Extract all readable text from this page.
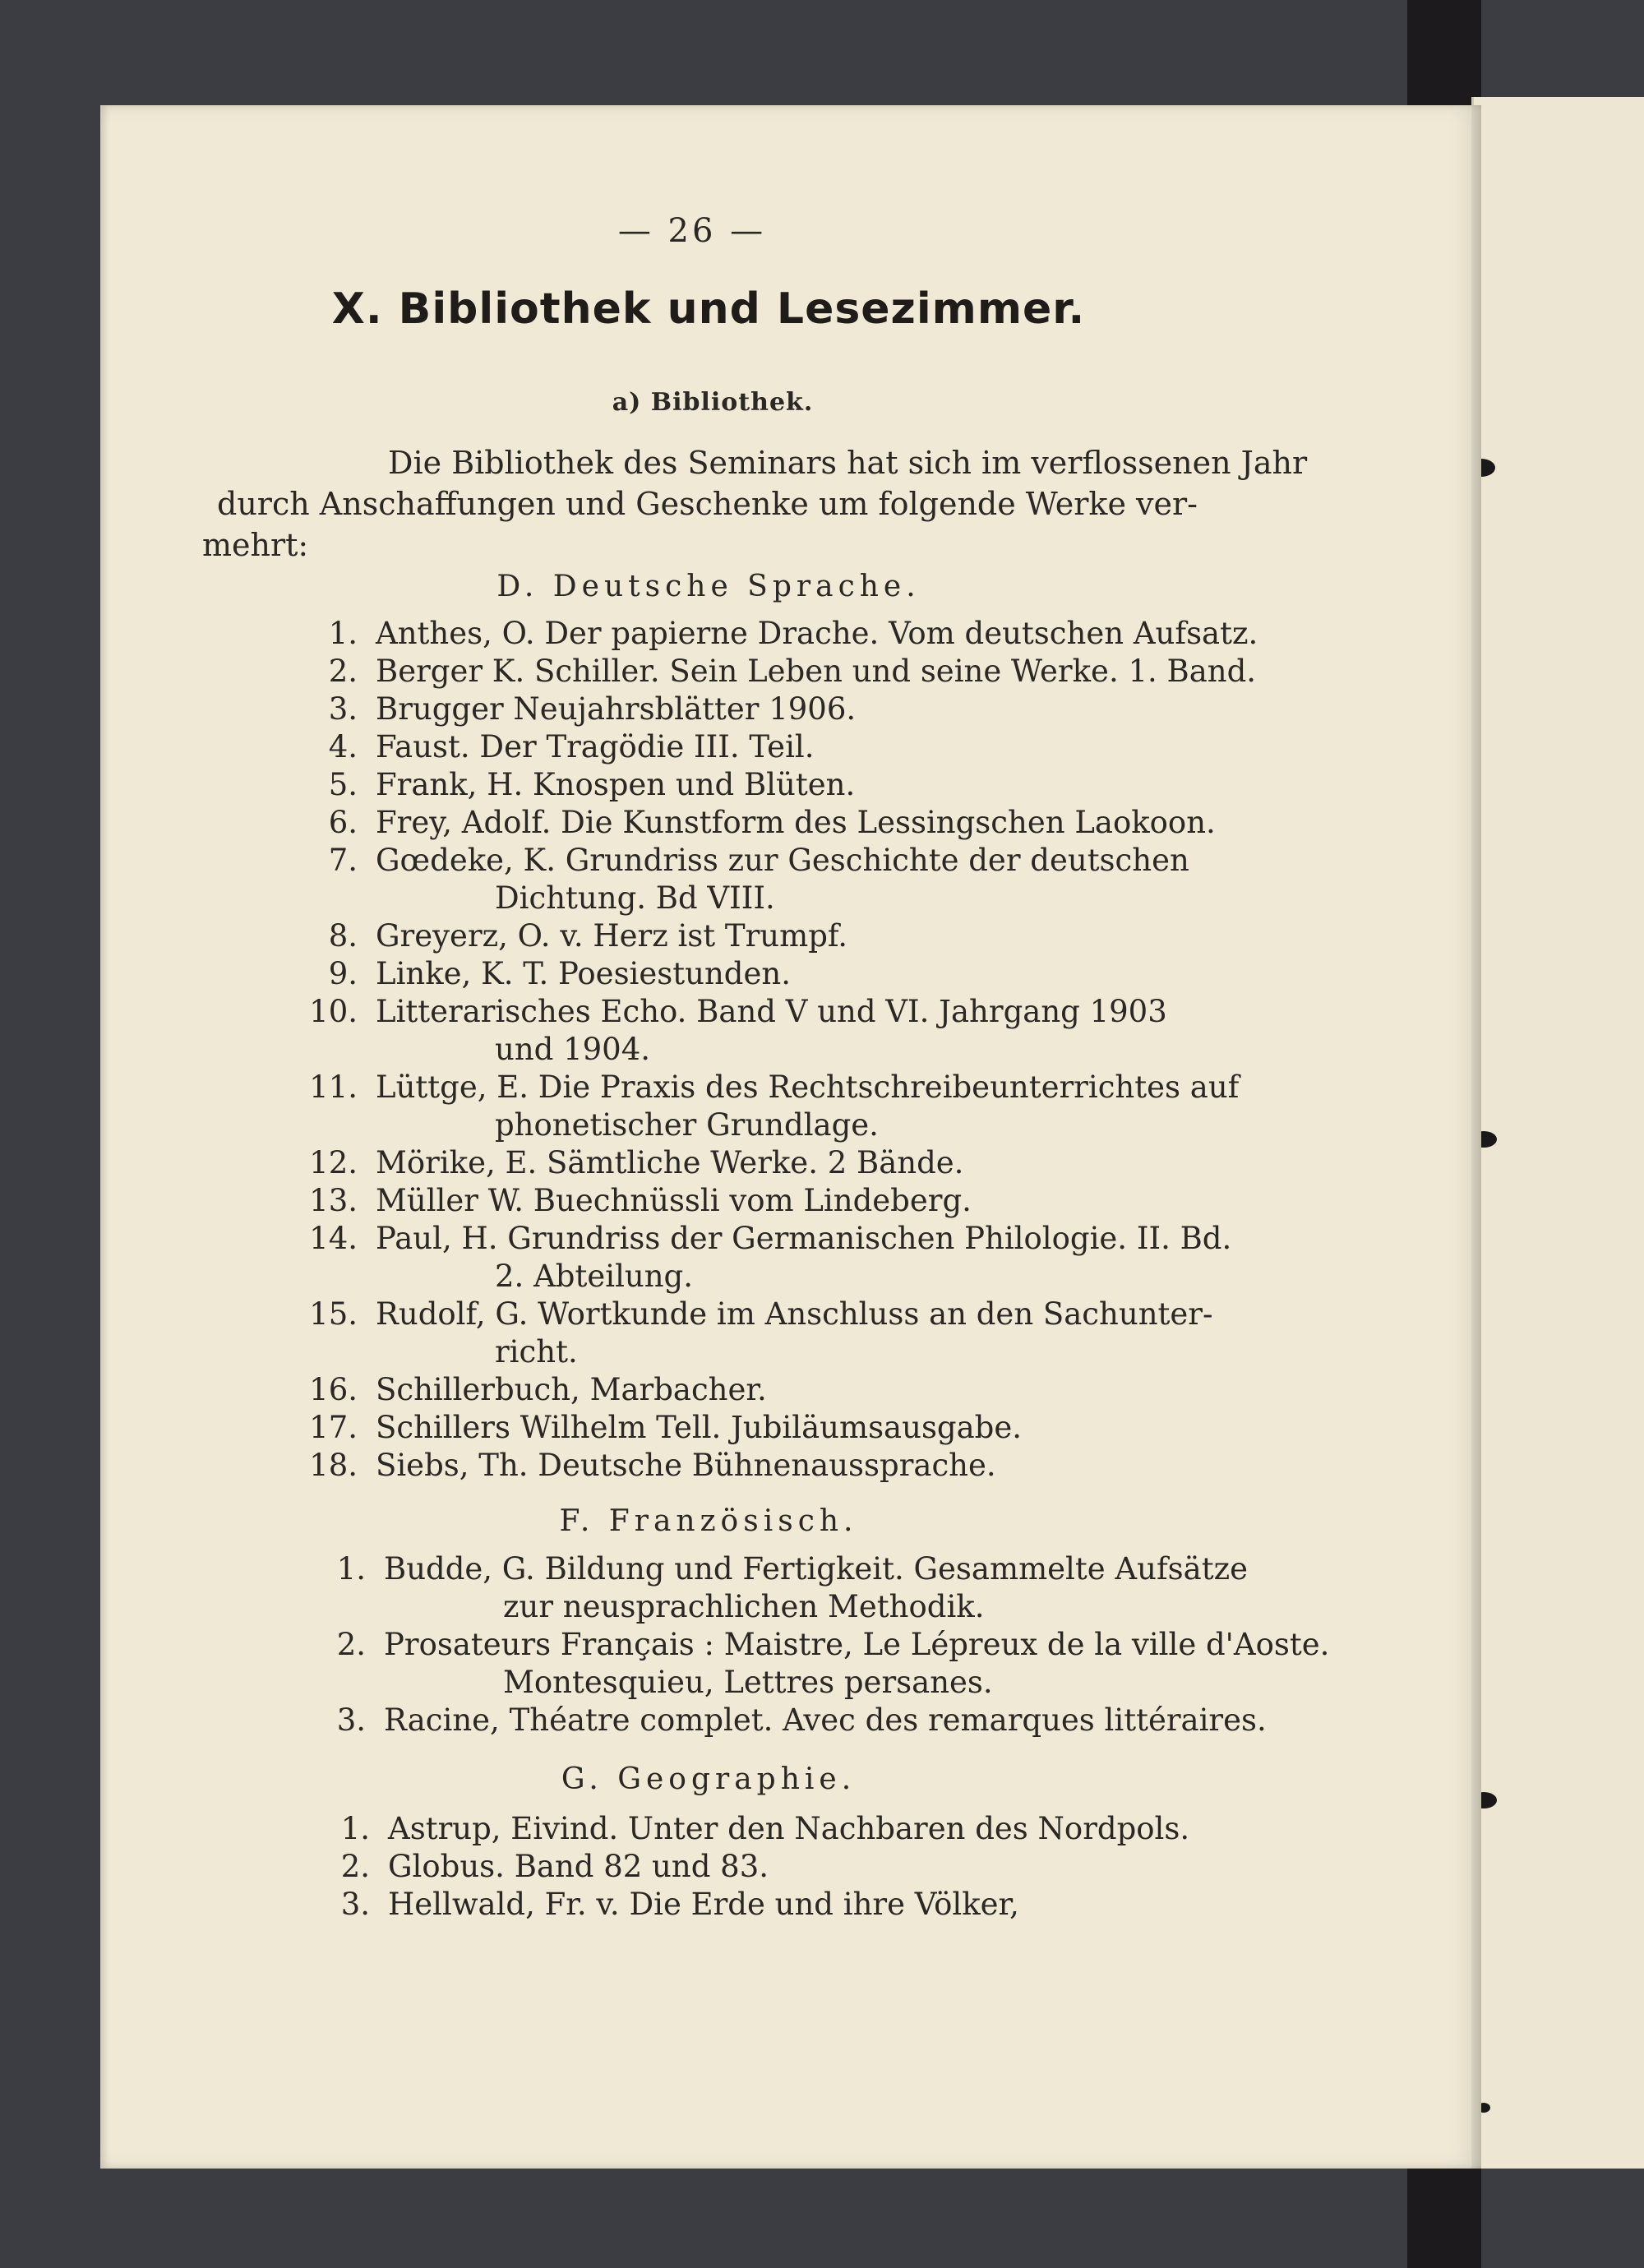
— 26 —
X. Bibliothek und Lesezimmer.
a) Bibliothek.
Die Bibliothek des Seminars hat sich im verflossenen Jahr
durch Anschaffungen und Geschenke um folgende Werke ver-
mehrt:
D. Deutsche Sprache.
1. Anthes, O. Der papierne Drache. Vom deutschen Aufsatz.
2. Berger K. Schiller. Sein Leben und seine Werke. 1. Band.
3. Brugger Neujahrsblätter 1906.
4. Faust. Der Tragödie III. Teil.
5. Frank, H. Knospen und Blüten.
6. Frey, Adolf. Die Kunstform des Lessingschen Laokoon.
7. Gœdeke, K. Grundriss zur Geschichte der deutschen
Dichtung. Bd VIII.
8. Greyerz, O. v. Herz ist Trumpf.
9. Linke, K. T. Poesiestunden.
10. Litterarisches Echo. Band V und VI. Jahrgang 1903
und 1904.
11. Lüttge, E. Die Praxis des Rechtschreibeunterrichtes auf
phonetischer Grundlage.
12. Mörike, E. Sämtliche Werke. 2 Bände.
13. Müller W. Buechnüssli vom Lindeberg.
14. Paul, H. Grundriss der Germanischen Philologie. II. Bd.
2. Abteilung.
15. Rudolf, G. Wortkunde im Anschluss an den Sachunter-
richt.
16. Schillerbuch, Marbacher.
17. Schillers Wilhelm Tell. Jubiläumsausgabe.
18. Siebs, Th. Deutsche Bühnenaussprache.
F. Französisch.
1. Budde, G. Bildung und Fertigkeit. Gesammelte Aufsätze
zur neusprachlichen Methodik.
2. Prosateurs Français : Maistre, Le Lépreux de la ville d'Aoste.
Montesquieu, Lettres persanes.
3. Racine, Théatre complet. Avec des remarques littéraires.
G. Geographie.
1. Astrup, Eivind. Unter den Nachbaren des Nordpols.
2. Globus. Band 82 und 83.
3. Hellwald, Fr. v. Die Erde und ihre Völker,
